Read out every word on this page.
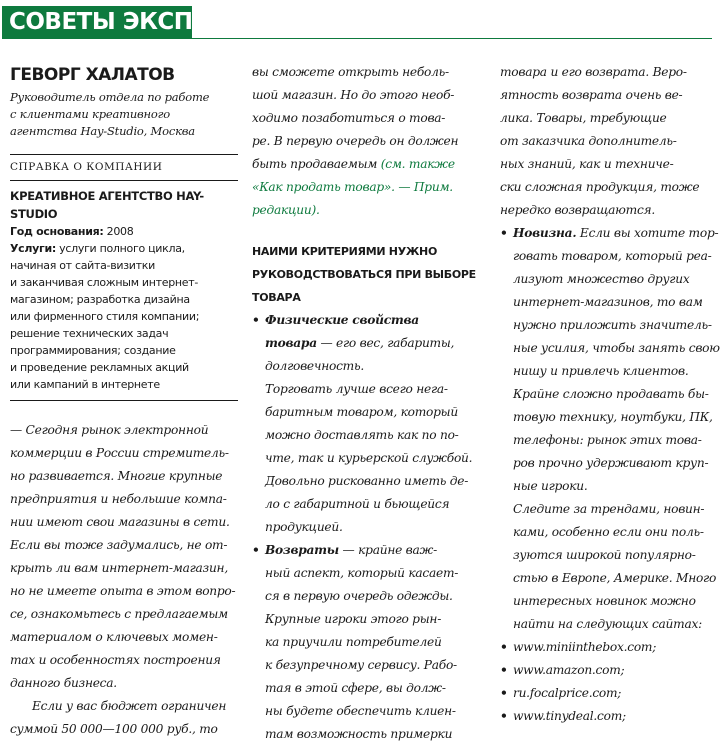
СОВЕТЫ ЭКСПЕРТА
ГЕВОРГ ХАЛАТОВ
Руководитель отдела по работе
с клиентами креативного
агентства Hay-Studio, Москва
СПРАВКА О КОМПАНИИ
КРЕАТИВНОЕ АГЕНТСТВО HAY-STUDIO
Год основания: 2008
Услуги: услуги полного цикла,
начиная от сайта-визитки
и заканчивая сложным интернет-
магазином; разработка дизайна
или фирменного стиля компании;
решение технических задач
программирования; создание
и проведение рекламных акций
или кампаний в интернете
— Сегодня рынок электронной
коммерции в России стремитель-
но развивается. Многие крупные
предприятия и небольшие компа-
нии имеют свои магазины в сети.
Если вы тоже задумались, не от-
крыть ли вам интернет-магазин,
но не имеете опыта в этом вопро-
се, ознакомьтесь с предлагаемым
материалом о ключевых момен-
тах и особенностях построения
данного бизнеса.
Если у вас бюджет ограничен
суммой 50 000—100 000 руб., то
вы сможете открыть неболь-
шой магазин. Но до этого необ-
ходимо позаботиться о това-
ре. В первую очередь он должен
быть продаваемым (см. также
«Как продать товар». — Прим.
редакции).
НАИМИ КРИТЕРИЯМИ НУЖНО
РУКОВОДСТВОВАТЬСЯ ПРИ ВЫБОРЕ ТОВАРА
• Физические свойства
товара — его вес, габариты,
долговечность.
Торговать лучше всего нега-
баритным товаром, который
можно доставлять как по по-
чте, так и курьерской службой.
Довольно рискованно иметь де-
ло с габаритной и бьющейся
продукцией.
• Возвраты — крайне важ-
ный аспект, который касает-
ся в первую очередь одежды.
Крупные игроки этого рын-
ка приучили потребителей
к безупречному сервису. Рабо-
тая в этой сфере, вы долж-
ны будете обеспечить клиен-
там возможность примерки
товара и его возврата. Веро-
ятность возврата очень ве-
лика. Товары, требующие
от заказчика дополнитель-
ных знаний, как и техниче-
ски сложная продукция, тоже
нередко возвращаются.
• Новизна. Если вы хотите тор-
говать товаром, который реа-
лизуют множество других
интернет-магазинов, то вам
нужно приложить значитель-
ные усилия, чтобы занять свою
нишу и привлечь клиентов.
Крайне сложно продавать бы-
товую технику, ноутбуки, ПК,
телефоны: рынок этих това-
ров прочно удерживают круп-
ные игроки.
Следите за трендами, новин-
ками, особенно если они поль-
зуются широкой популярно-
стью в Европе, Америке. Много
интересных новинок можно
найти на следующих сайтах:
• www.miniinthebox.com;
• www.amazon.com;
• ru.focalprice.com;
• www.tinydeal.com;
